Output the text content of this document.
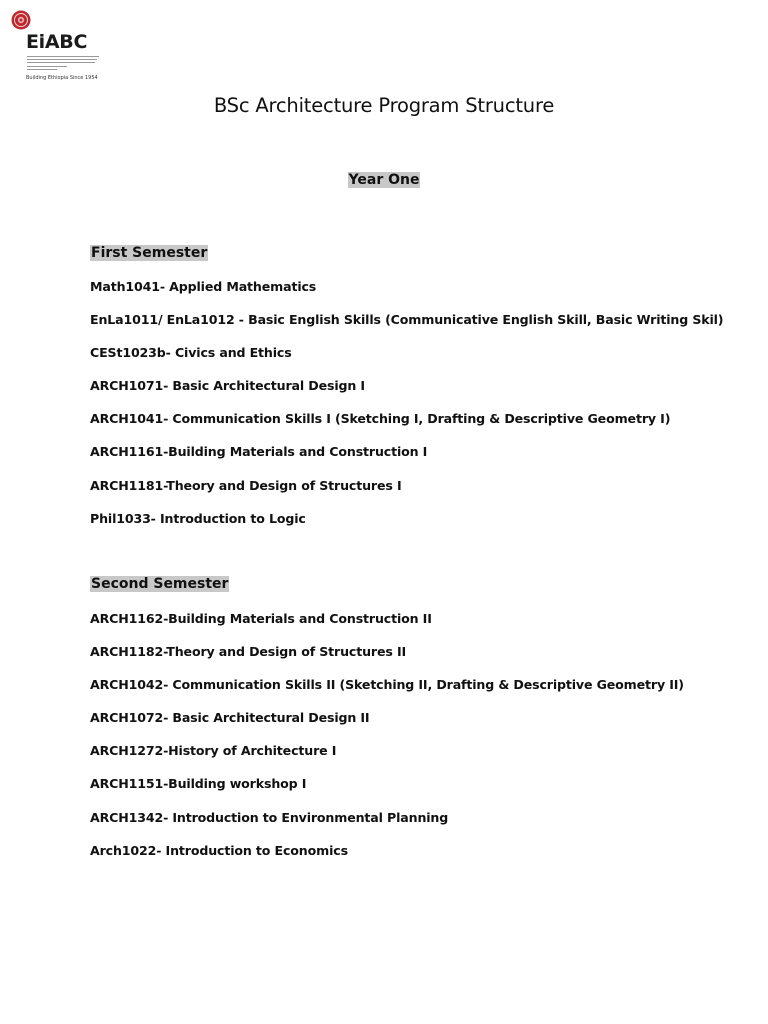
EiABC
Building Ethiopia Since 1954
BSc Architecture Program Structure
Year One
First Semester
Math1041- Applied Mathematics
EnLa1011/ EnLa1012 - Basic English Skills (Communicative English Skill, Basic Writing Skil)
CESt1023b- Civics and Ethics
ARCH1071- Basic Architectural Design I
ARCH1041- Communication Skills I (Sketching I, Drafting & Descriptive Geometry I)
ARCH1161-Building Materials and Construction I
ARCH1181-Theory and Design of Structures I
Phil1033- Introduction to Logic
Second Semester
ARCH1162-Building Materials and Construction II
ARCH1182-Theory and Design of Structures II
ARCH1042- Communication Skills II (Sketching II, Drafting & Descriptive Geometry II)
ARCH1072- Basic Architectural Design II
ARCH1272-History of Architecture I
ARCH1151-Building workshop I
ARCH1342- Introduction to Environmental Planning
Arch1022- Introduction to Economics
